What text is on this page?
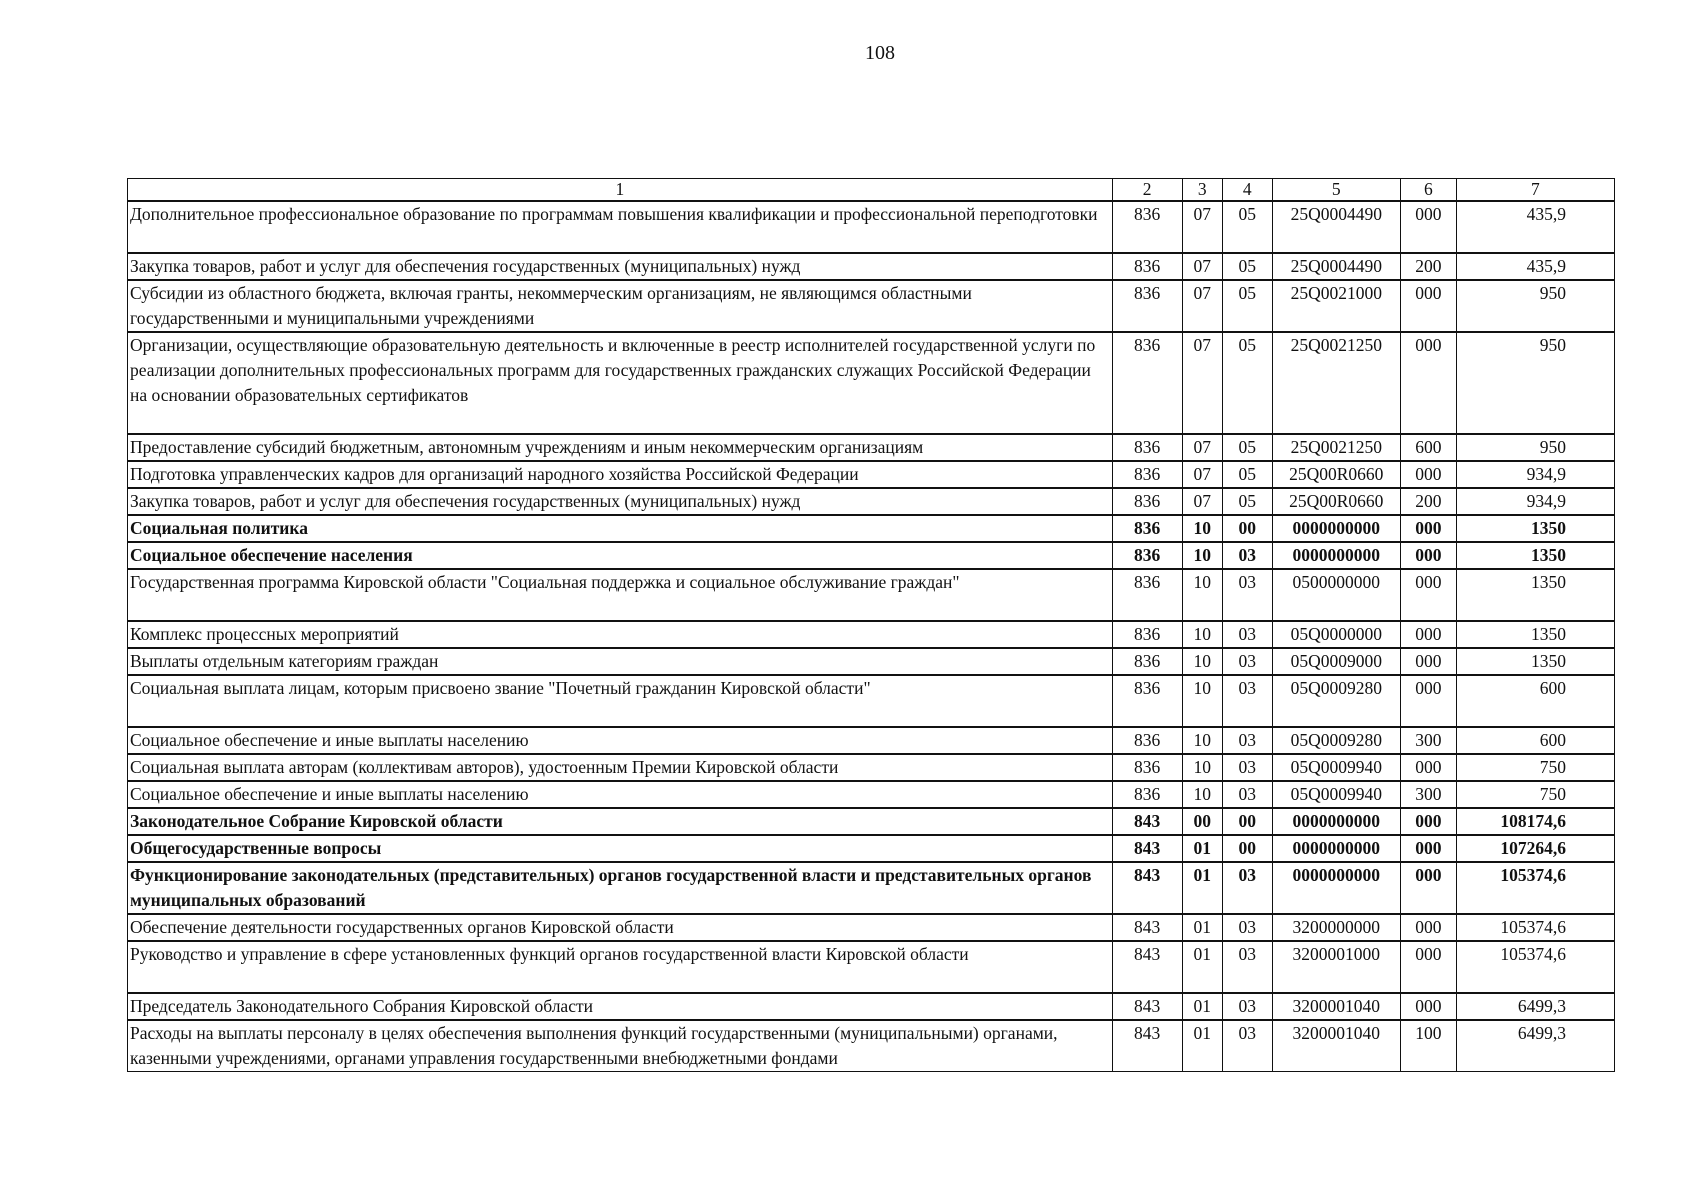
108
1	2	3	4	5	6	7
Дополнительное профессиональное образование по программам повышения квалификации и профессиональной переподготовки	836	07	05	25Q0004490	000	435,9
Закупка товаров, работ и услуг для обеспечения государственных (муниципальных) нужд	836	07	05	25Q0004490	200	435,9
Субсидии из областного бюджета, включая гранты, некоммерческим организациям, не являющимся областными государственными и муниципальными учреждениями	836	07	05	25Q0021000	000	950
Организации, осуществляющие образовательную деятельность и включенные в реестр исполнителей государственной услуги по реализации дополнительных профессиональных программ для государственных гражданских служащих Российской Федерации на основании образовательных сертификатов	836	07	05	25Q0021250	000	950
Предоставление субсидий бюджетным, автономным учреждениям и иным некоммерческим организациям	836	07	05	25Q0021250	600	950
Подготовка управленческих кадров для организаций народного хозяйства Российской Федерации	836	07	05	25Q00R0660	000	934,9
Закупка товаров, работ и услуг для обеспечения государственных (муниципальных) нужд	836	07	05	25Q00R0660	200	934,9
Социальная политика	836	10	00	0000000000	000	1350
Социальное обеспечение населения	836	10	03	0000000000	000	1350
Государственная программа Кировской области "Социальная поддержка и социальное обслуживание граждан"	836	10	03	0500000000	000	1350
Комплекс процессных мероприятий	836	10	03	05Q0000000	000	1350
Выплаты отдельным категориям граждан	836	10	03	05Q0009000	000	1350
Социальная выплата лицам, которым присвоено звание "Почетный гражданин Кировской области"	836	10	03	05Q0009280	000	600
Социальное обеспечение и иные выплаты населению	836	10	03	05Q0009280	300	600
Социальная выплата авторам (коллективам авторов), удостоенным Премии Кировской области	836	10	03	05Q0009940	000	750
Социальное обеспечение и иные выплаты населению	836	10	03	05Q0009940	300	750
Законодательное Собрание Кировской области	843	00	00	0000000000	000	108174,6
Общегосударственные вопросы	843	01	00	0000000000	000	107264,6
Функционирование законодательных (представительных) органов государственной власти и представительных органов муниципальных образований	843	01	03	0000000000	000	105374,6
Обеспечение деятельности государственных органов Кировской области	843	01	03	3200000000	000	105374,6
Руководство и управление в сфере установленных функций органов государственной власти Кировской области	843	01	03	3200001000	000	105374,6
Председатель Законодательного Собрания Кировской области	843	01	03	3200001040	000	6499,3
Расходы на выплаты персоналу в целях обеспечения выполнения функций государственными (муниципальными) органами, казенными учреждениями, органами управления государственными внебюджетными фондами	843	01	03	3200001040	100	6499,3
